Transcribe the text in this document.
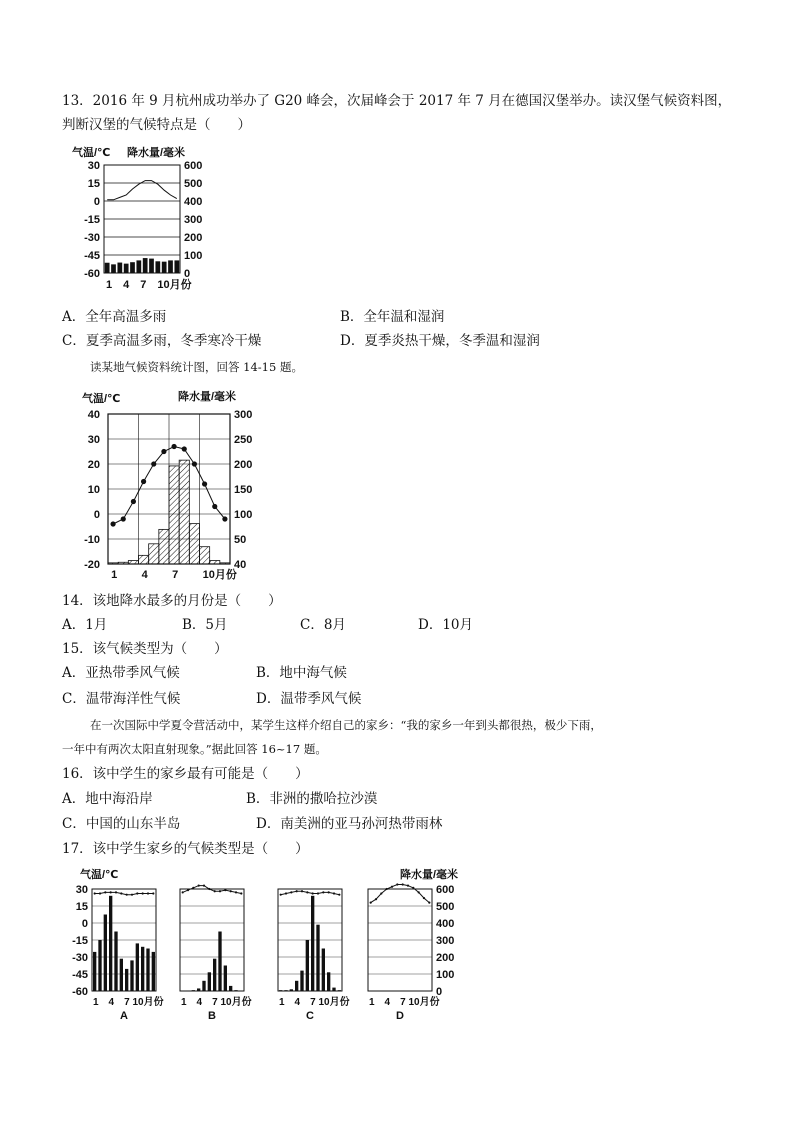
13．2016 年 9 月杭州成功举办了 G20 峰会，次届峰会于 2017 年 7 月在德国汉堡举办。读汉堡气候资料图，
判断汉堡的气候特点是（　　）
气温/℃ 降水量/毫米
30
15
0
-15
-30
-45
-60
600
500
400
300
200
100
0
1　4　7　10月份
A．全年高温多雨	B．全年温和湿润
C．夏季高温多雨，冬季寒冷干燥	D．夏季炎热干燥，冬季温和湿润
读某地气候资料统计图，回答 14-15 题。
气温/℃	降水量/毫米
40
30
20
10
0
-10
-20
300
250
200
150
100
50
40
1 4 7 10月份
14．该地降水最多的月份是（　　）
A．1月	B．5月	C．8月	D．10月
15．该气候类型为（　　）
A．亚热带季风气候	B．地中海气候
C．温带海洋性气候	D．温带季风气候
在一次国际中学夏令营活动中，某学生这样介绍自己的家乡：“我的家乡一年到头都很热，极少下雨，
一年中有两次太阳直射现象。”据此回答 16~17 题。
16．该中学生的家乡最有可能是（　　）
A．地中海沿岸	B．非洲的撒哈拉沙漠
C．中国的山东半岛	D．南美洲的亚马孙河热带雨林
17．该中学生家乡的气候类型是（　　）
气温/℃	降水量/毫米
30
15
0
-15
-30
-45
-60
600
500
400
300
200
100
0
1　4　7 10月份
A
1　4　7 10月份
B
1　4　7 10月份
C
1　4　7 10月份
D
